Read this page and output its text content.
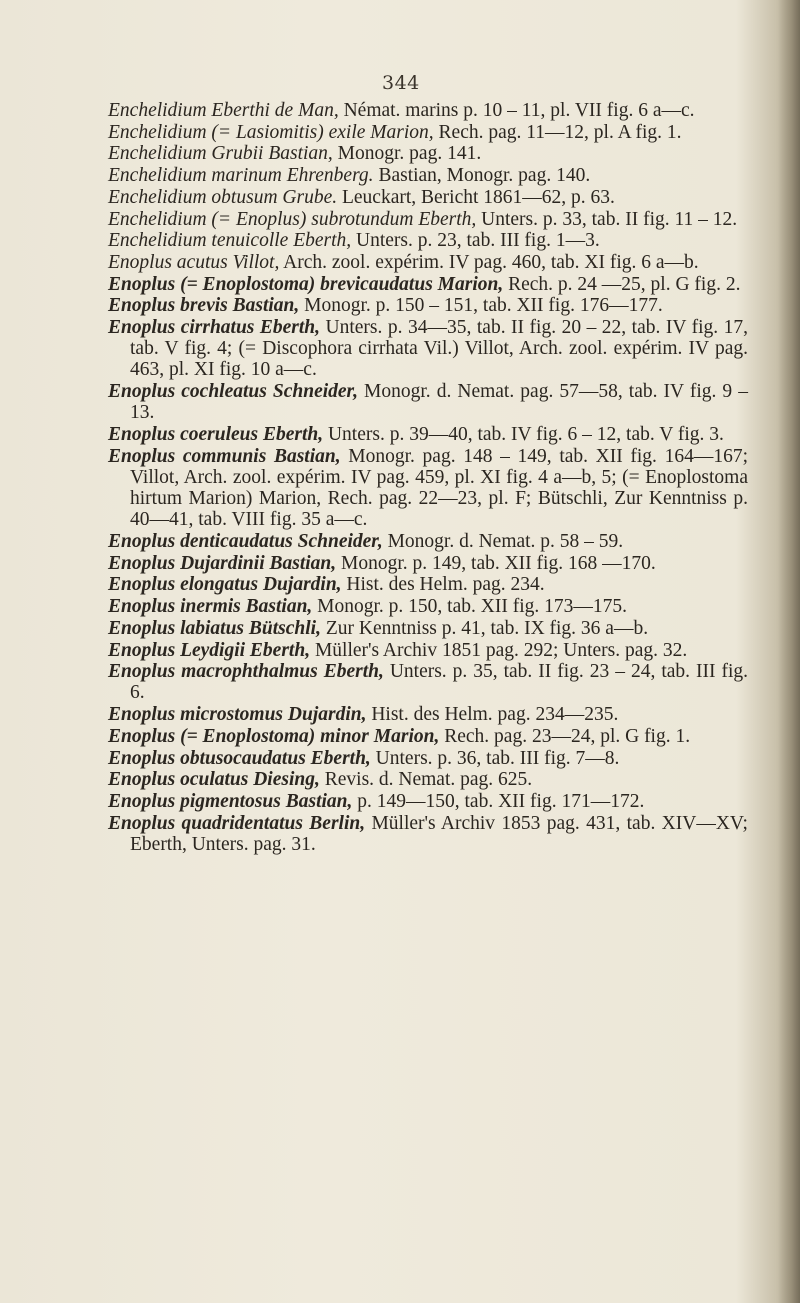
344

Enchelidium Eberthi de Man, Némat. marins p. 10 – 11, pl. VII fig. 6 a—c.

Enchelidium (= Lasiomitis) exile Marion, Rech. pag. 11—12, pl. A fig. 1.

Enchelidium Grubii Bastian, Monogr. pag. 141.

Enchelidium marinum Ehrenberg. Bastian, Monogr. pag. 140.

Enchelidium obtusum Grube. Leuckart, Bericht 1861—62, p. 63.

Enchelidium (= Enoplus) subrotundum Eberth, Unters. p. 33, tab. II fig. 11 – 12.

Enchelidium tenuicolle Eberth, Unters. p. 23, tab. III fig. 1—3.

Enoplus acutus Villot, Arch. zool. expérim. IV pag. 460, tab. XI fig. 6 a—b.

Enoplus (= Enoplostoma) brevicaudatus Marion, Rech. p. 24 —25, pl. G fig. 2.

Enoplus brevis Bastian, Monogr. p. 150 – 151, tab. XII fig. 176—177.

Enoplus cirrhatus Eberth, Unters. p. 34—35, tab. II fig. 20 – 22, tab. IV fig. 17, tab. V fig. 4; (= Discophora cirrhata Vil.) Villot, Arch. zool. expérim. IV pag. 463, pl. XI fig. 10 a—c.

Enoplus cochleatus Schneider, Monogr. d. Nemat. pag. 57—58, tab. IV fig. 9 – 13.

Enoplus coeruleus Eberth, Unters. p. 39—40, tab. IV fig. 6 – 12, tab. V fig. 3.

Enoplus communis Bastian, Monogr. pag. 148 – 149, tab. XII fig. 164—167; Villot, Arch. zool. expérim. IV pag. 459, pl. XI fig. 4 a—b, 5; (= Enoplostoma hirtum Marion) Marion, Rech. pag. 22—23, pl. F; Bütschli, Zur Kenntniss p. 40—41, tab. VIII fig. 35 a—c.

Enoplus denticaudatus Schneider, Monogr. d. Nemat. p. 58 – 59.

Enoplus Dujardinii Bastian, Monogr. p. 149, tab. XII fig. 168 —170.

Enoplus elongatus Dujardin, Hist. des Helm. pag. 234.

Enoplus inermis Bastian, Monogr. p. 150, tab. XII fig. 173—175.

Enoplus labiatus Bütschli, Zur Kenntniss p. 41, tab. IX fig. 36 a—b.

Enoplus Leydigii Eberth, Müller's Archiv 1851 pag. 292; Unters. pag. 32.

Enoplus macrophthalmus Eberth, Unters. p. 35, tab. II fig. 23 – 24, tab. III fig. 6.

Enoplus microstomus Dujardin, Hist. des Helm. pag. 234—235.

Enoplus (= Enoplostoma) minor Marion, Rech. pag. 23—24, pl. G fig. 1.

Enoplus obtusocaudatus Eberth, Unters. p. 36, tab. III fig. 7—8.

Enoplus oculatus Diesing, Revis. d. Nemat. pag. 625.

Enoplus pigmentosus Bastian, p. 149—150, tab. XII fig. 171—172.

Enoplus quadridentatus Berlin, Müller's Archiv 1853 pag. 431, tab. XIV—XV; Eberth, Unters. pag. 31.
